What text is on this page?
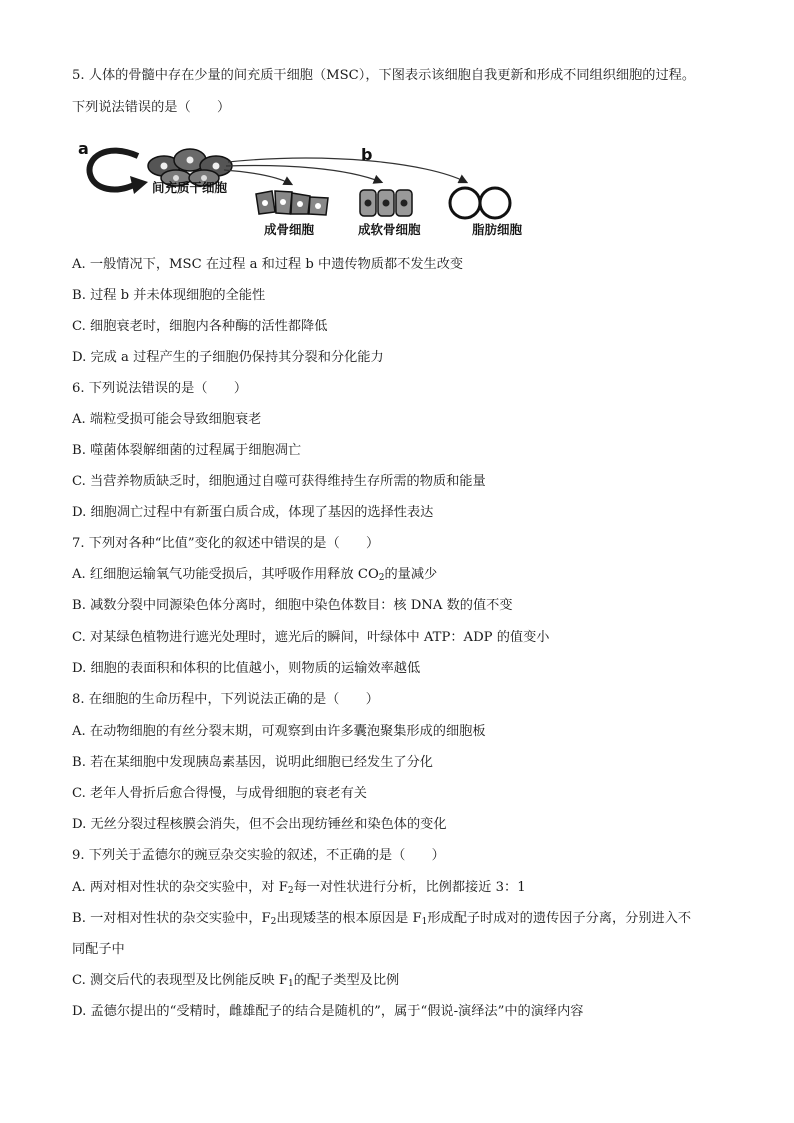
5. 人体的骨髓中存在少量的间充质干细胞（MSC），下图表示该细胞自我更新和形成不同组织细胞的过程。
下列说法错误的是（　　）
a	b
间充质干细胞
成骨细胞	成软骨细胞	脂肪细胞
A. 一般情况下，MSC 在过程 a 和过程 b 中遗传物质都不发生改变
B. 过程 b 并未体现细胞的全能性
C. 细胞衰老时，细胞内各种酶的活性都降低
D. 完成 a 过程产生的子细胞仍保持其分裂和分化能力
6. 下列说法错误的是（　　）
A. 端粒受损可能会导致细胞衰老
B. 噬菌体裂解细菌的过程属于细胞凋亡
C. 当营养物质缺乏时，细胞通过自噬可获得维持生存所需的物质和能量
D. 细胞凋亡过程中有新蛋白质合成，体现了基因的选择性表达
7. 下列对各种“比值”变化的叙述中错误的是（　　）
A. 红细胞运输氧气功能受损后，其呼吸作用释放 $CO_2$的量减少
B. 减数分裂中同源染色体分离时，细胞中染色体数目：核 DNA 数的值不变
C. 对某绿色植物进行遮光处理时，遮光后的瞬间，叶绿体中 ATP：ADP 的值变小
D. 细胞的表面积和体积的比值越小，则物质的运输效率越低
8. 在细胞的生命历程中，下列说法正确的是（　　）
A. 在动物细胞的有丝分裂末期，可观察到由许多囊泡聚集形成的细胞板
B. 若在某细胞中发现胰岛素基因，说明此细胞已经发生了分化
C. 老年人骨折后愈合得慢，与成骨细胞的衰老有关
D. 无丝分裂过程核膜会消失，但不会出现纺锤丝和染色体的变化
9. 下列关于孟德尔的豌豆杂交实验的叙述，不正确的是（　　）
A. 两对相对性状的杂交实验中，对 $F_2$每一对性状进行分析，比例都接近 3：1
B. 一对相对性状的杂交实验中，$F_2$出现矮茎的根本原因是 $F_1$形成配子时成对的遗传因子分离，分别进入不
同配子中
C. 测交后代的表现型及比例能反映 $F_1$的配子类型及比例
D. 孟德尔提出的“受精时，雌雄配子的结合是随机的”，属于“假说-演绎法”中的演绎内容
